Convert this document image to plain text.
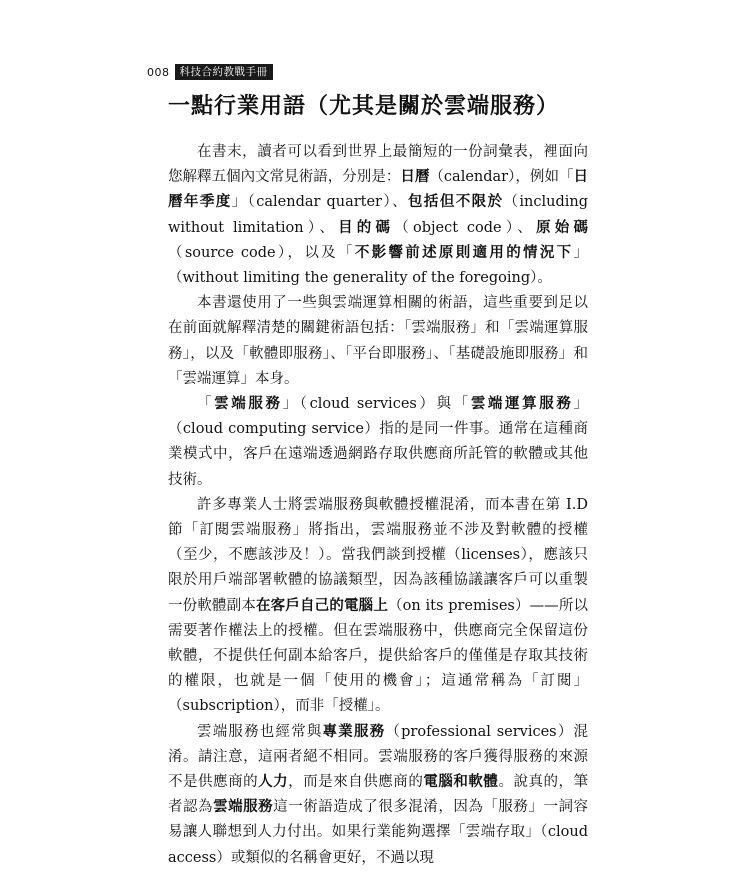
008 科技合約教戰手冊
一點行業用語（尤其是關於雲端服務）

在書末，讀者可以看到世界上最簡短的一份詞彙表，裡面向您解釋五個內文常見術語，分別是：日曆（calendar），例如「日曆年季度」（calendar quarter）、包括但不限於（including without limitation）、目的碼（object code）、原始碼（source code），以及「不影響前述原則適用的情況下」（without limiting the generality of the foregoing）。

本書還使用了一些與雲端運算相關的術語，這些重要到足以在前面就解釋清楚的關鍵術語包括：「雲端服務」和「雲端運算服務」，以及「軟體即服務」、「平台即服務」、「基礎設施即服務」和「雲端運算」本身。

「雲端服務」（cloud services）與「雲端運算服務」（cloud computing service）指的是同一件事。通常在這種商業模式中，客戶在遠端透過網路存取供應商所託管的軟體或其他技術。

許多專業人士將雲端服務與軟體授權混淆，而本書在第 I.D 節「訂閱雲端服務」將指出，雲端服務並不涉及對軟體的授權（至少，不應該涉及！）。當我們談到授權（licenses），應該只限於用戶端部署軟體的協議類型，因為該種協議讓客戶可以重製一份軟體副本在客戶自己的電腦上（on its premises）——所以需要著作權法上的授權。但在雲端服務中，供應商完全保留這份軟體，不提供任何副本給客戶，提供給客戶的僅僅是存取其技術的權限，也就是一個「使用的機會」；這通常稱為「訂閱」（subscription），而非「授權」。

雲端服務也經常與專業服務（professional services）混淆。請注意，這兩者絕不相同。雲端服務的客戶獲得服務的來源不是供應商的人力，而是來自供應商的電腦和軟體。說真的，筆者認為雲端服務這一術語造成了很多混淆，因為「服務」一詞容易讓人聯想到人力付出。如果行業能夠選擇「雲端存取」（cloud access）或類似的名稱會更好，不過以現
